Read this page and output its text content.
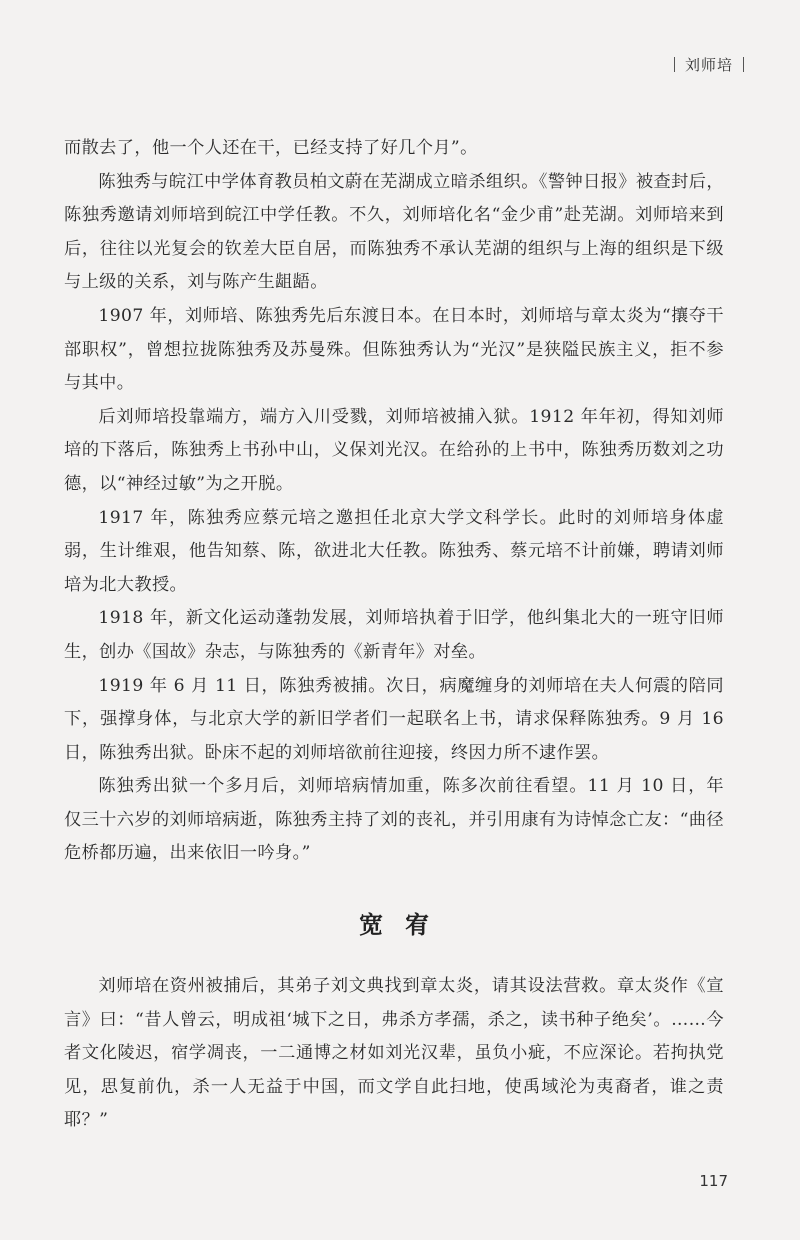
刘师培

而散去了，他一个人还在干，已经支持了好几个月”。

陈独秀与皖江中学体育教员柏文蔚在芜湖成立暗杀组织。《警钟日报》被查封后，陈独秀邀请刘师培到皖江中学任教。不久，刘师培化名“金少甫”赴芜湖。刘师培来到后，往往以光复会的钦差大臣自居，而陈独秀不承认芜湖的组织与上海的组织是下级与上级的关系，刘与陈产生龃龉。

1907 年，刘师培、陈独秀先后东渡日本。在日本时，刘师培与章太炎为“攘夺干部职权”，曾想拉拢陈独秀及苏曼殊。但陈独秀认为“光汉”是狭隘民族主义，拒不参与其中。

后刘师培投靠端方，端方入川受戮，刘师培被捕入狱。1912 年年初，得知刘师培的下落后，陈独秀上书孙中山，义保刘光汉。在给孙的上书中，陈独秀历数刘之功德，以“神经过敏”为之开脱。

1917 年，陈独秀应蔡元培之邀担任北京大学文科学长。此时的刘师培身体虚弱，生计维艰，他告知蔡、陈，欲进北大任教。陈独秀、蔡元培不计前嫌，聘请刘师培为北大教授。

1918 年，新文化运动蓬勃发展，刘师培执着于旧学，他纠集北大的一班守旧师生，创办《国故》杂志，与陈独秀的《新青年》对垒。

1919 年 6 月 11 日，陈独秀被捕。次日，病魔缠身的刘师培在夫人何震的陪同下，强撑身体，与北京大学的新旧学者们一起联名上书，请求保释陈独秀。9 月 16 日，陈独秀出狱。卧床不起的刘师培欲前往迎接，终因力所不逮作罢。

陈独秀出狱一个多月后，刘师培病情加重，陈多次前往看望。11 月 10 日，年仅三十六岁的刘师培病逝，陈独秀主持了刘的丧礼，并引用康有为诗悼念亡友：“曲径危桥都历遍，出来依旧一吟身。”

宽宥

刘师培在资州被捕后，其弟子刘文典找到章太炎，请其设法营救。章太炎作《宣言》曰：“昔人曾云，明成祖‘城下之日，弗杀方孝孺，杀之，读书种子绝矣’。……今者文化陵迟，宿学凋丧，一二通博之材如刘光汉辈，虽负小疵，不应深论。若拘执党见，思复前仇，杀一人无益于中国，而文学自此扫地，使禹域沦为夷裔者，谁之责耶？”

117
